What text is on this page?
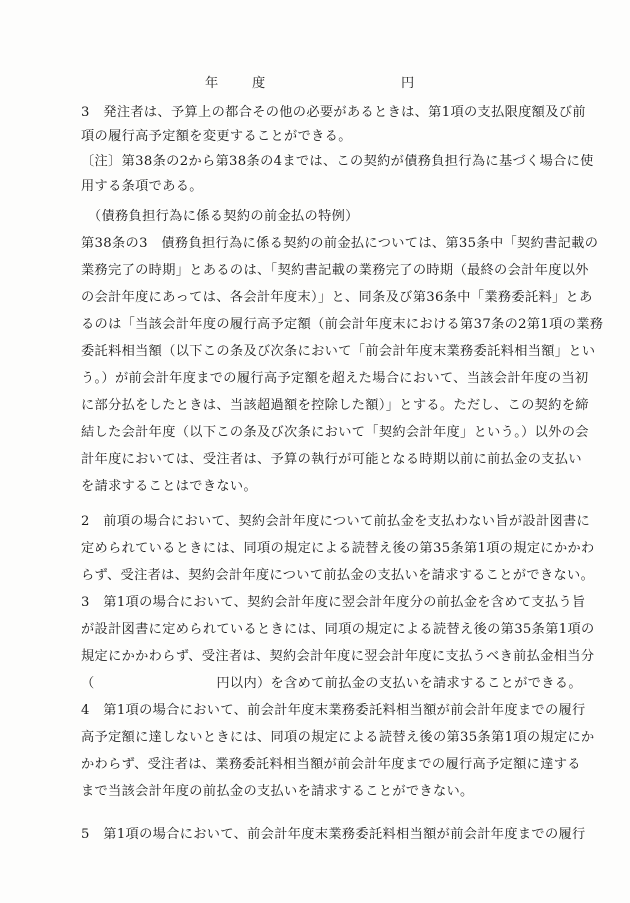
年	度	円
3　発注者は、予算上の都合その他の必要があるときは、第1項の支払限度額及び前
項の履行高予定額を変更することができる。
〔注〕第38条の2から第38条の4までは、この契約が債務負担行為に基づく場合に使
用する条項である。
　（債務負担行為に係る契約の前金払の特例）
第38条の3　債務負担行為に係る契約の前金払については、第35条中「契約書記載の
業務完了の時期」とあるのは、「契約書記載の業務完了の時期（最終の会計年度以外
の会計年度にあっては、各会計年度末）」と、同条及び第36条中「業務委託料」とあ
るのは「当該会計年度の履行高予定額（前会計年度末における第37条の2第1項の業務
委託料相当額（以下この条及び次条において「前会計年度末業務委託料相当額」とい
う。）が前会計年度までの履行高予定額を超えた場合において、当該会計年度の当初
に部分払をしたときは、当該超過額を控除した額）」とする。ただし、この契約を締
結した会計年度（以下この条及び次条において「契約会計年度」という。）以外の会
計年度においては、受注者は、予算の執行が可能となる時期以前に前払金の支払い
を請求することはできない。
2　前項の場合において、契約会計年度について前払金を支払わない旨が設計図書に
定められているときには、同項の規定による読替え後の第35条第1項の規定にかかわ
らず、受注者は、契約会計年度について前払金の支払いを請求することができない。
3　第1項の場合において、契約会計年度に翌会計年度分の前払金を含めて支払う旨
が設計図書に定められているときには、同項の規定による読替え後の第35条第1項の
規定にかかわらず、受注者は、契約会計年度に翌会計年度に支払うべき前払金相当分
（　　　　　　　　　円以内）を含めて前払金の支払いを請求することができる。
4　第1項の場合において、前会計年度末業務委託料相当額が前会計年度までの履行
高予定額に達しないときには、同項の規定による読替え後の第35条第1項の規定にか
かわらず、受注者は、業務委託料相当額が前会計年度までの履行高予定額に達する
まで当該会計年度の前払金の支払いを請求することができない。
5　第1項の場合において、前会計年度末業務委託料相当額が前会計年度までの履行
